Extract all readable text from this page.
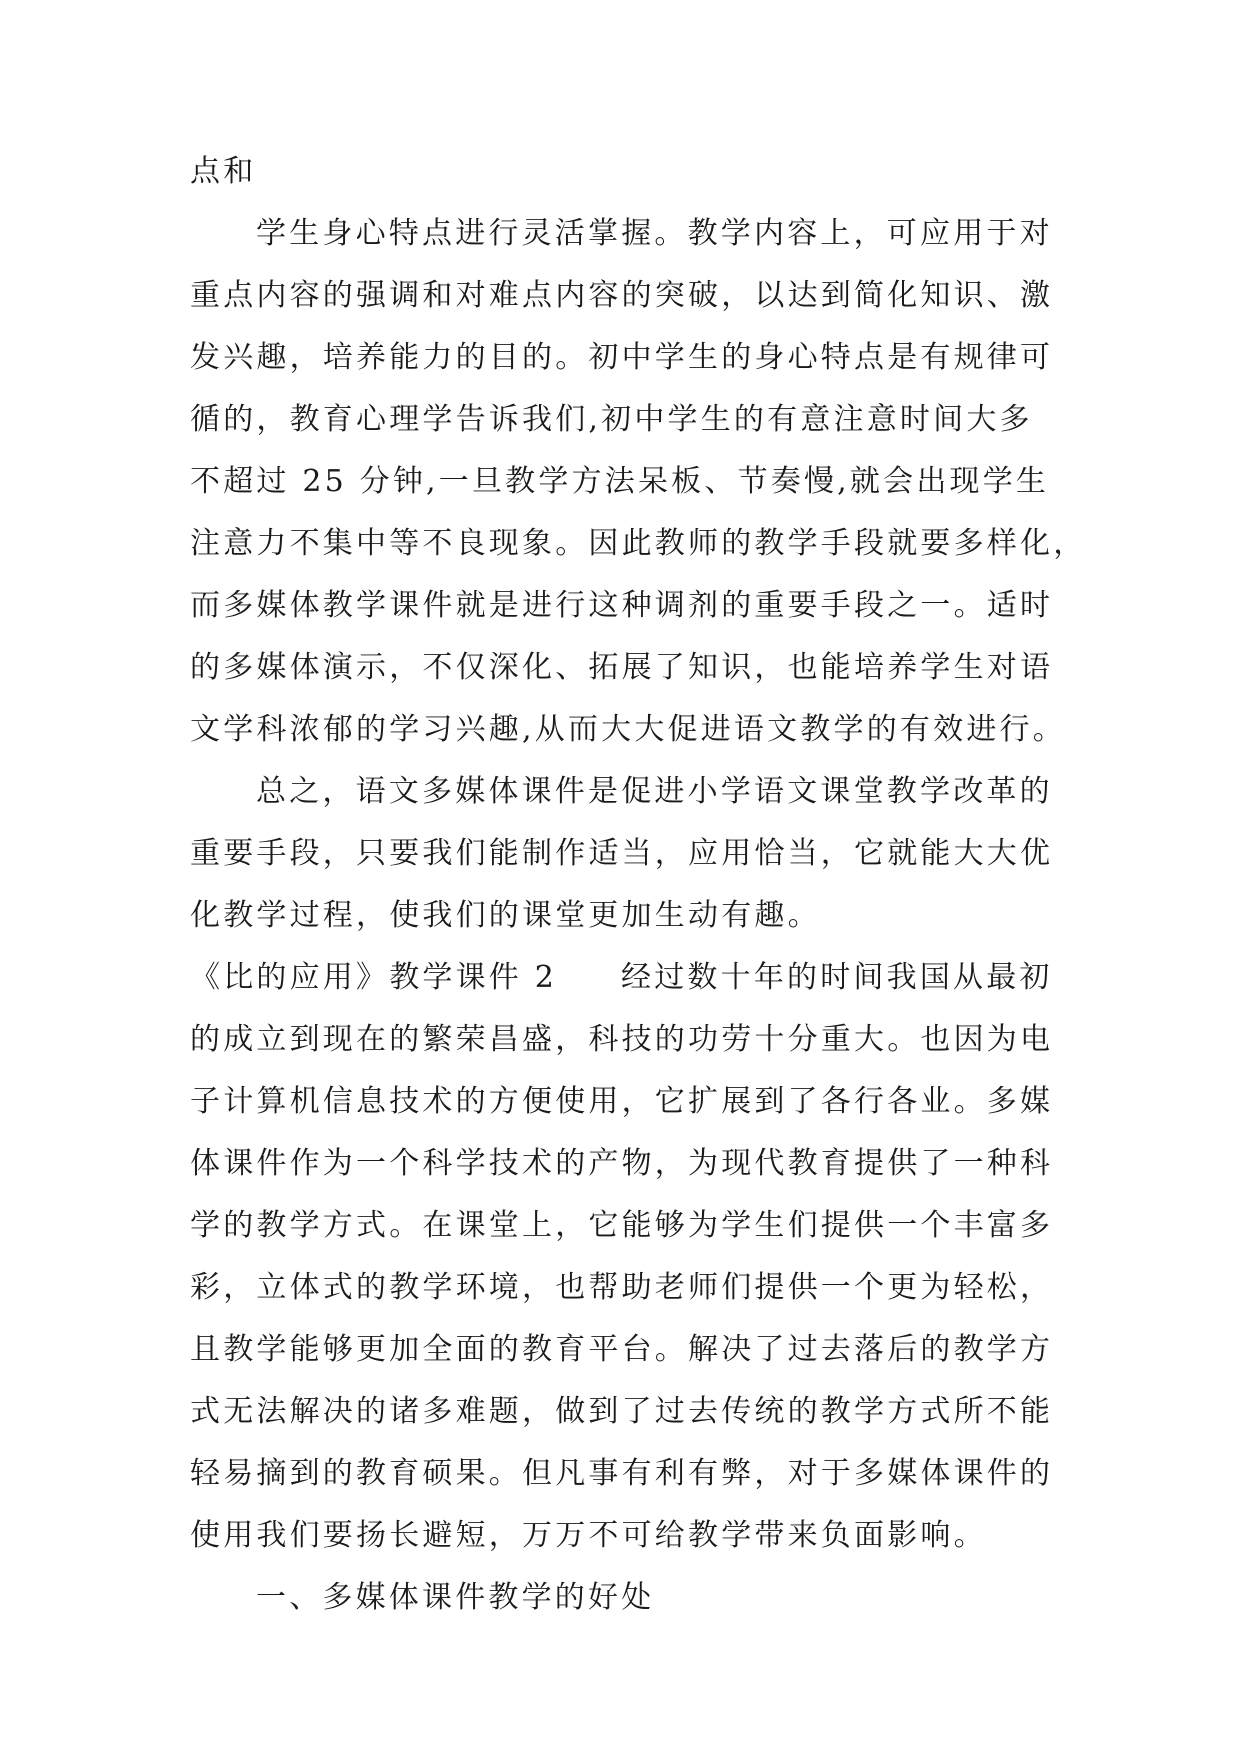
点和
学生身心特点进行灵活掌握。教学内容上，可应用于对
重点内容的强调和对难点内容的突破，以达到简化知识、激
发兴趣，培养能力的目的。初中学生的身心特点是有规律可
循的，教育心理学告诉我们,初中学生的有意注意时间大多
不超过 25 分钟,一旦教学方法呆板、节奏慢,就会出现学生
注意力不集中等不良现象。因此教师的教学手段就要多样化，
而多媒体教学课件就是进行这种调剂的重要手段之一。适时
的多媒体演示，不仅深化、拓展了知识，也能培养学生对语
文学科浓郁的学习兴趣,从而大大促进语文教学的有效进行。
总之，语文多媒体课件是促进小学语文课堂教学改革的
重要手段，只要我们能制作适当，应用恰当，它就能大大优
化教学过程，使我们的课堂更加生动有趣。
《比的应用》教学课件 2 经过数十年的时间我国从最初
的成立到现在的繁荣昌盛，科技的功劳十分重大。也因为电
子计算机信息技术的方便使用，它扩展到了各行各业。多媒
体课件作为一个科学技术的产物，为现代教育提供了一种科
学的教学方式。在课堂上，它能够为学生们提供一个丰富多
彩，立体式的教学环境，也帮助老师们提供一个更为轻松，
且教学能够更加全面的教育平台。解决了过去落后的教学方
式无法解决的诸多难题，做到了过去传统的教学方式所不能
轻易摘到的教育硕果。但凡事有利有弊，对于多媒体课件的
使用我们要扬长避短，万万不可给教学带来负面影响。
一、多媒体课件教学的好处
